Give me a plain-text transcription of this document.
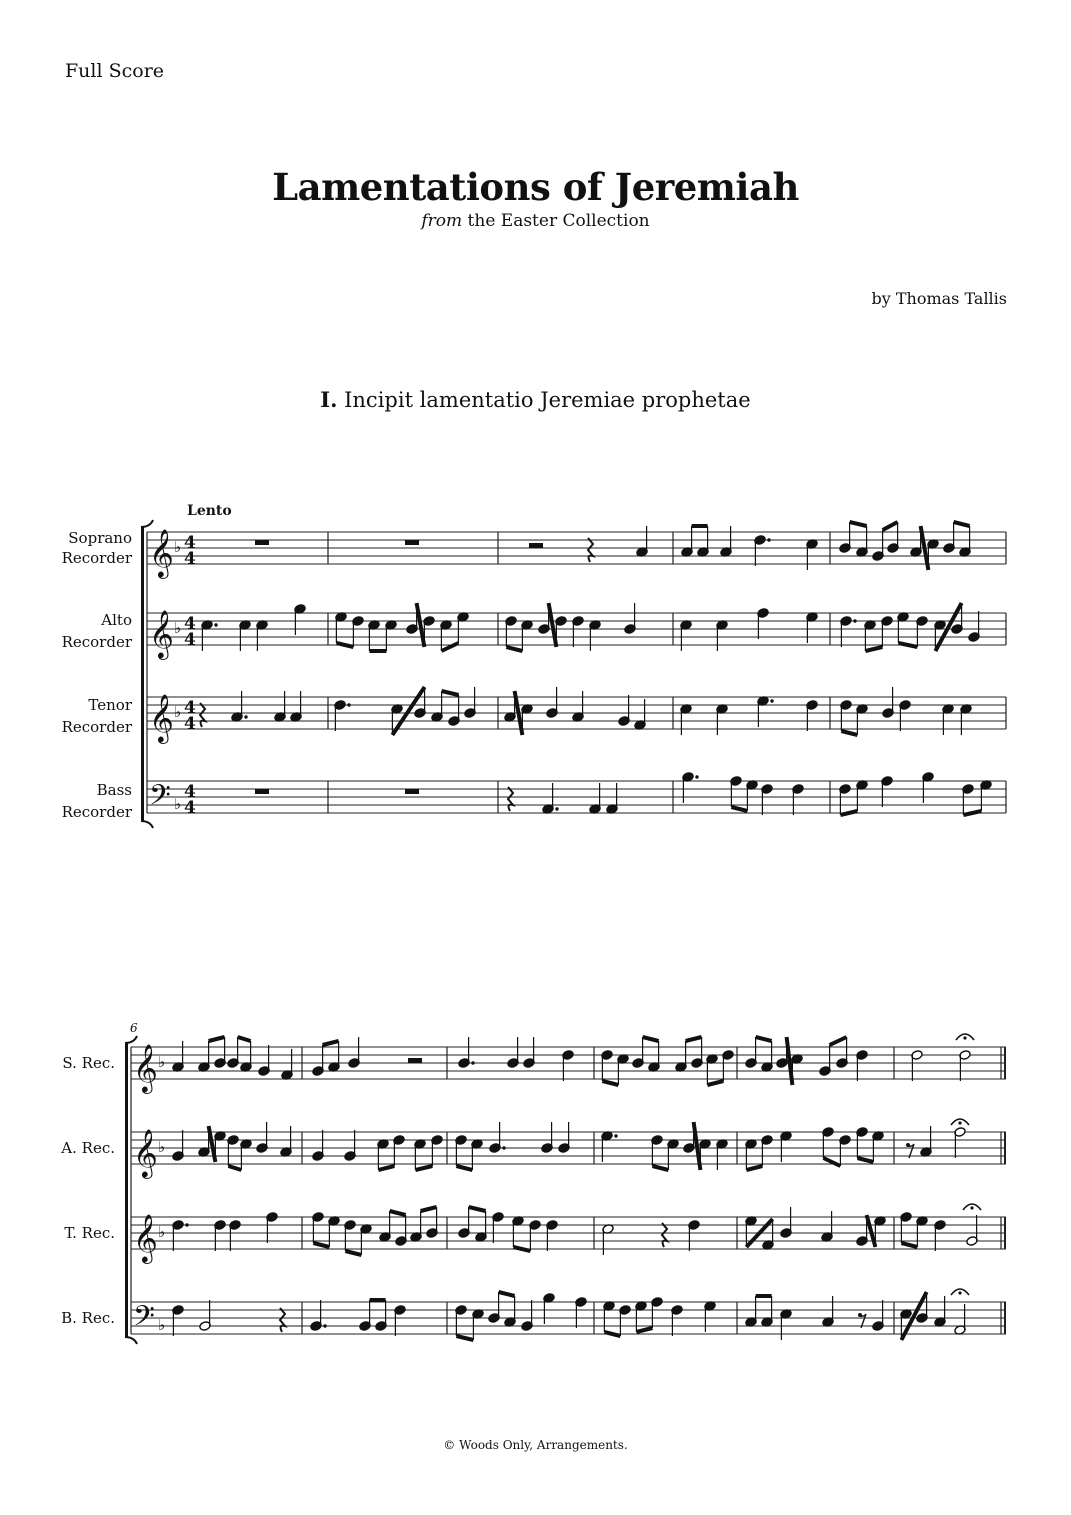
Full Score
Lamentations of Jeremiah
from the Easter Collection
by Thomas Tallis
I. Incipit lamentatio Jeremiae prophetae
Lento
Soprano
Recorder
Alto
Recorder
Tenor
Recorder
Bass
Recorder
𝄞
𝄞
𝄞
𝄢
♭
♭
♭
♭
4
4
4
4
4
4
4
4
6
S. Rec.
A. Rec.
T. Rec.
B. Rec.
𝄞
𝄞
𝄞
𝄢
♭
♭
♭
♭
© Woods Only, Arrangements.
